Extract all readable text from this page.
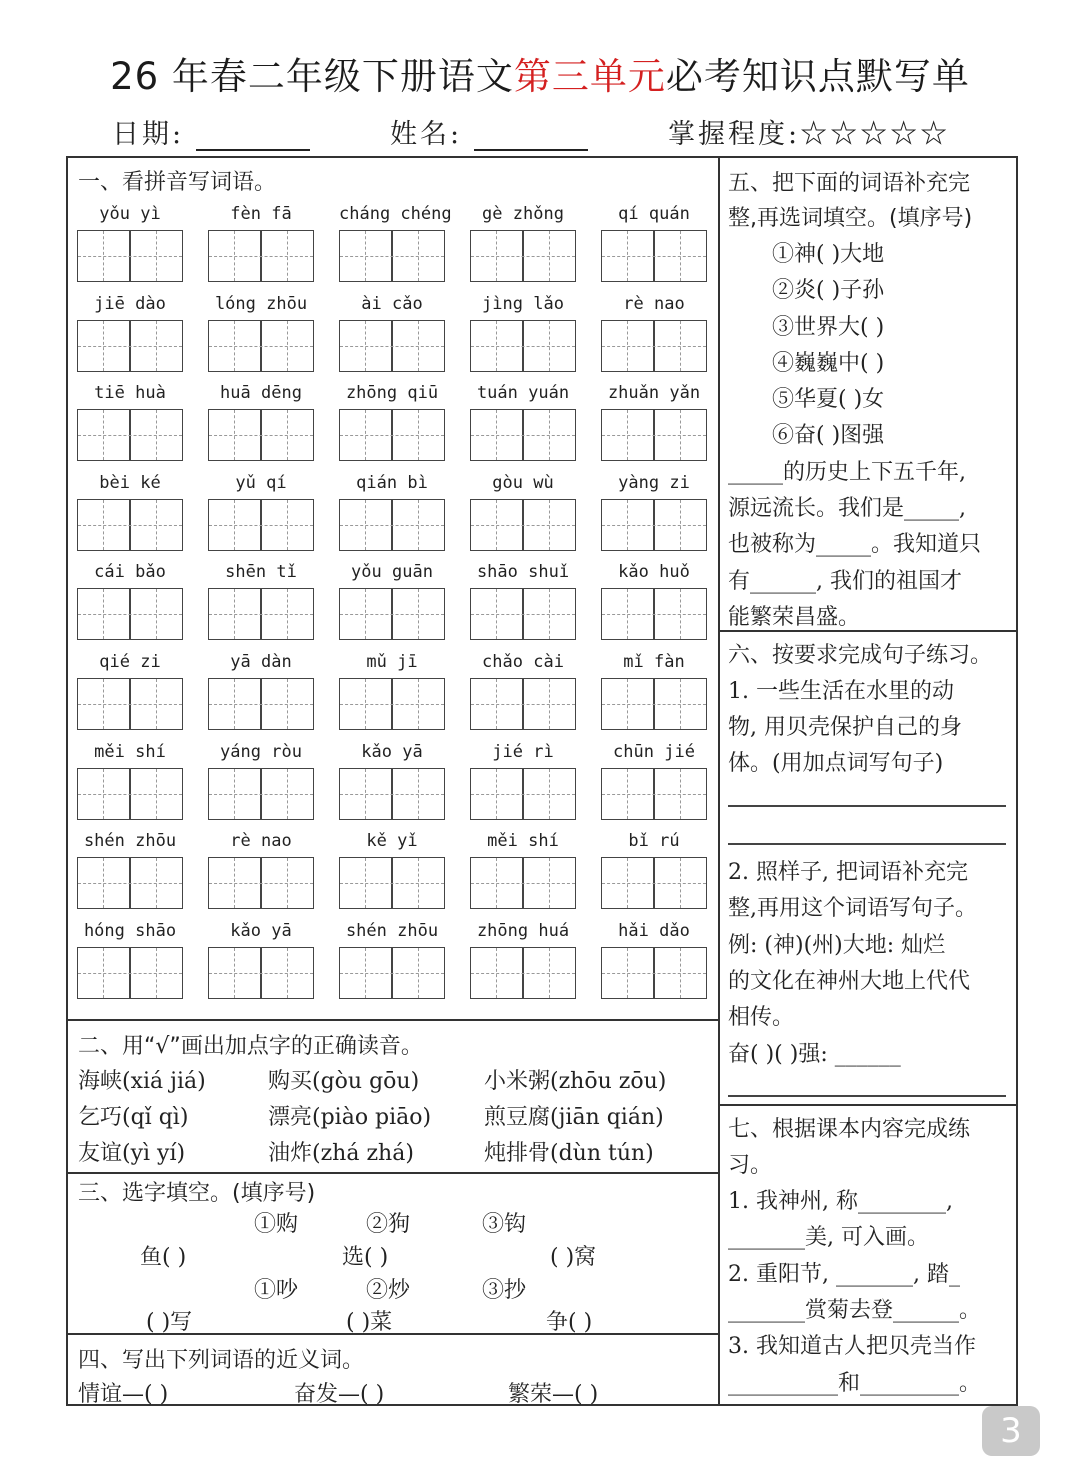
26 年春二年级下册语文第三单元必考知识点默写单
日期:	姓名:	掌握程度:☆☆☆☆☆
一、看拼音写词语。
yǒu yì	fèn fā	cháng chéng	gè zhǒng	qí quán
jiē dào	lóng zhōu	ài cǎo	jìng lǎo	rè nao
tiē huà	huā dēng	zhōng qiū	tuán yuán	zhuǎn yǎn
bèi ké	yǔ qí	qián bì	gòu wù	yàng zi
cái bǎo	shēn tǐ	yǒu guān	shāo shuǐ	kǎo huǒ
qié zi	yā dàn	mǔ jī	chǎo cài	mǐ fàn
měi shí	yáng ròu	kǎo yā	jié rì	chūn jié
shén zhōu	rè nao	kě yǐ	měi shí	bǐ rú
hóng shāo	kǎo yā	shén zhōu	zhōng huá	hǎi dǎo
二、用“√”画出加点字的正确读音。
海峡(xiá jiá)	购买(gòu gōu)	小米粥(zhōu zōu)
乞巧(qǐ qì)	漂亮(piào piāo) 煎豆腐(jiān qián)
友谊(yì yí)	油炸(zhá zhá)	炖排骨(dùn tún)
三、选字填空。(填序号)
①购	②狗	③钩
鱼( )	选( )	( )窝
①吵	②炒	③抄
( )写	( )菜	争( )
四、写出下列词语的近义词。
情谊—( )	奋发—( )	繁荣—( )
五、把下面的词语补充完
整,再选词填空。(填序号)
①神( )大地
②炎( )子孙
③世界大( )
④巍巍中( )
⑤华夏( )女
⑥奋( )图强
_____的历史上下五千年,
源远流长。我们是_____,
也被称为_____。我知道只
有______, 我们的祖国才
能繁荣昌盛。
六、按要求完成句子练习。
1. 一些生活在水里的动
物, 用贝壳保护自己的身
体。(用加点词写句子)
2. 照样子, 把词语补充完
整,再用这个词语写句子。
例: (神)(州)大地: 灿烂
的文化在神州大地上代代
相传。
奋( )( )强: ______
七、根据课本内容完成练
习。
1. 我神州, 称________,
_______美, 可入画。
2. 重阳节, _______, 踏_
_______赏菊去登______。
3. 我知道古人把贝壳当作
__________和_________。
3
